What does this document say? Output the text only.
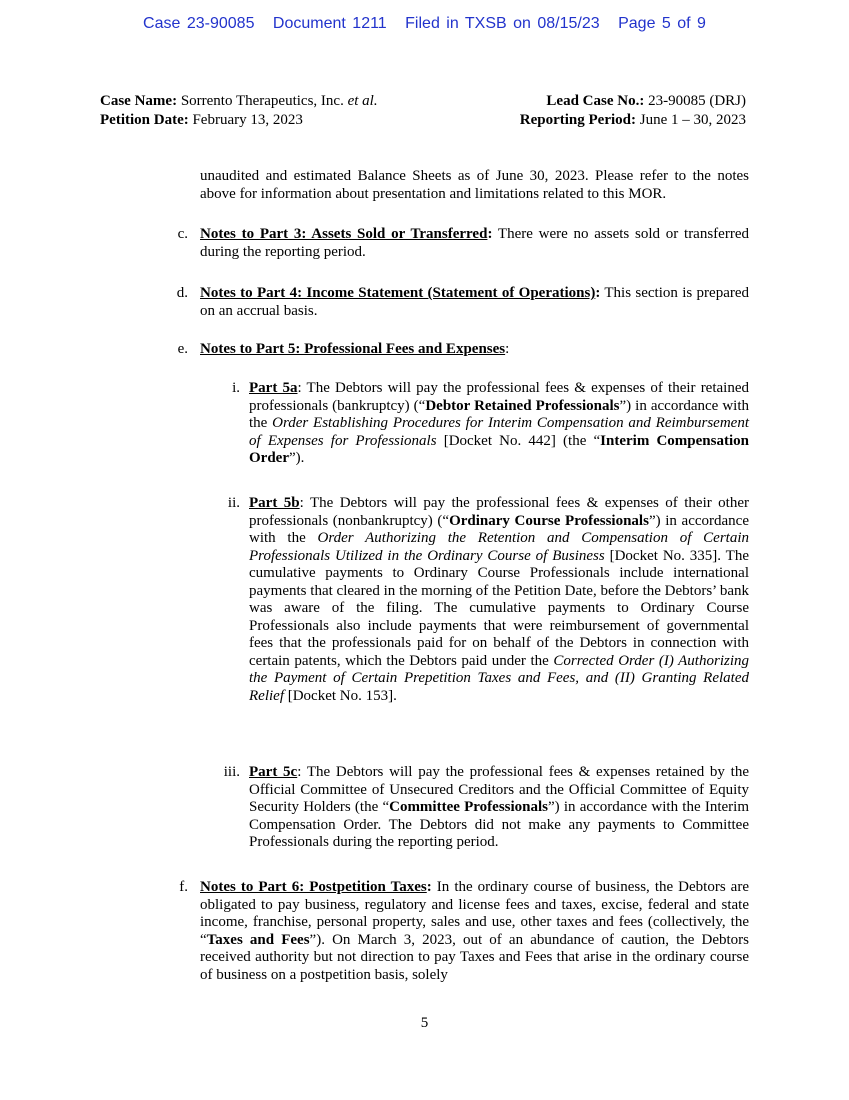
Case 23-90085 Document 1211 Filed in TXSB on 08/15/23 Page 5 of 9
Case Name: Sorrento Therapeutics, Inc. et al.
Petition Date: February 13, 2023
Lead Case No.: 23-90085 (DRJ)
Reporting Period: June 1 – 30, 2023
unaudited and estimated Balance Sheets as of June 30, 2023. Please refer to the notes above for information about presentation and limitations related to this MOR.
c. Notes to Part 3: Assets Sold or Transferred: There were no assets sold or transferred during the reporting period.
d. Notes to Part 4: Income Statement (Statement of Operations): This section is prepared on an accrual basis.
e. Notes to Part 5: Professional Fees and Expenses:
i. Part 5a: The Debtors will pay the professional fees & expenses of their retained professionals (bankruptcy) (“Debtor Retained Professionals”) in accordance with the Order Establishing Procedures for Interim Compensation and Reimbursement of Expenses for Professionals [Docket No. 442] (the “Interim Compensation Order”).
ii. Part 5b: The Debtors will pay the professional fees & expenses of their other professionals (nonbankruptcy) (“Ordinary Course Professionals”) in accordance with the Order Authorizing the Retention and Compensation of Certain Professionals Utilized in the Ordinary Course of Business [Docket No. 335]. The cumulative payments to Ordinary Course Professionals include international payments that cleared in the morning of the Petition Date, before the Debtors’ bank was aware of the filing. The cumulative payments to Ordinary Course Professionals also include payments that were reimbursement of governmental fees that the professionals paid for on behalf of the Debtors in connection with certain patents, which the Debtors paid under the Corrected Order (I) Authorizing the Payment of Certain Prepetition Taxes and Fees, and (II) Granting Related Relief [Docket No. 153].
iii. Part 5c: The Debtors will pay the professional fees & expenses retained by the Official Committee of Unsecured Creditors and the Official Committee of Equity Security Holders (the “Committee Professionals”) in accordance with the Interim Compensation Order. The Debtors did not make any payments to Committee Professionals during the reporting period.
f. Notes to Part 6: Postpetition Taxes: In the ordinary course of business, the Debtors are obligated to pay business, regulatory and license fees and taxes, excise, federal and state income, franchise, personal property, sales and use, other taxes and fees (collectively, the “Taxes and Fees”). On March 3, 2023, out of an abundance of caution, the Debtors received authority but not direction to pay Taxes and Fees that arise in the ordinary course of business on a postpetition basis, solely
5
